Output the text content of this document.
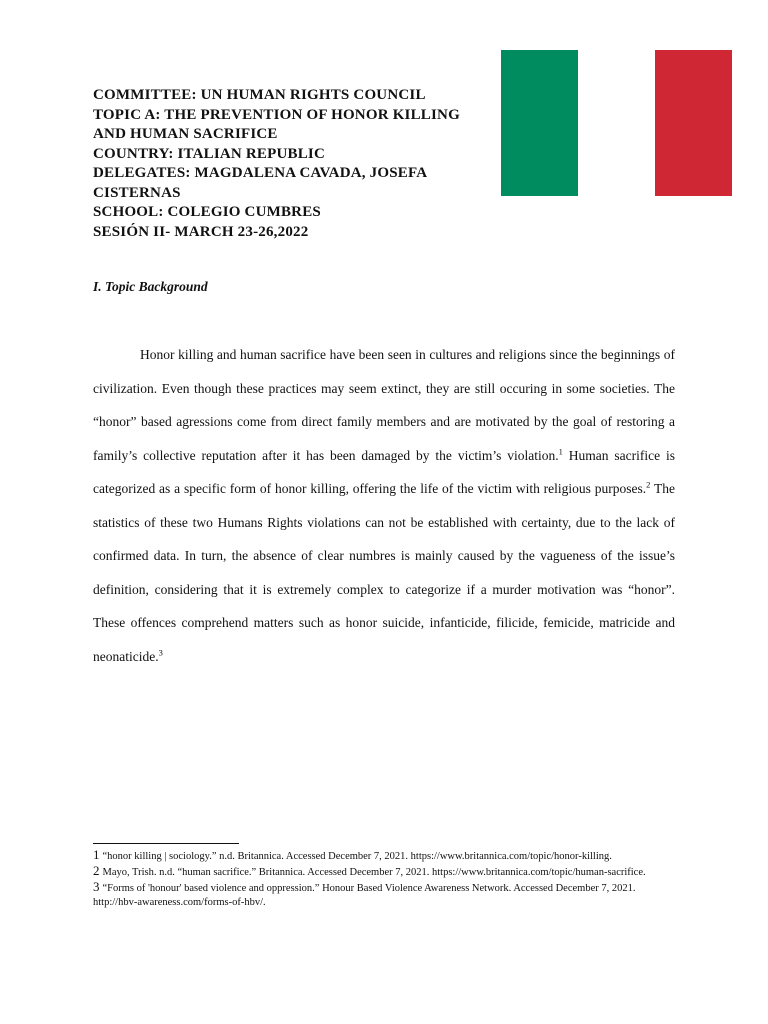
COMMITTEE: UN HUMAN RIGHTS COUNCIL
TOPIC A: THE PREVENTION OF HONOR KILLING AND HUMAN SACRIFICE
COUNTRY: ITALIAN REPUBLIC
DELEGATES: MAGDALENA CAVADA, JOSEFA CISTERNAS
SCHOOL: COLEGIO CUMBRES
SESIÓN II- MARCH 23-26,2022
I. Topic Background

Honor killing and human sacrifice have been seen in cultures and religions since the beginnings of civilization. Even though these practices may seem extinct, they are still occuring in some societies. The “honor” based agressions come from direct family members and are motivated by the goal of restoring a family’s collective reputation after it has been damaged by the victim’s violation.$^1$ Human sacrifice is categorized as a specific form of honor killing, offering the life of the victim with religious purposes.$^2$ The statistics of these two Humans Rights violations can not be established with certainty, due to the lack of confirmed data. In turn, the absence of clear numbres is mainly caused by the vagueness of the issue’s definition, considering that it is extremely complex to categorize if a murder motivation was “honor”. These offences comprehend matters such as honor suicide, infanticide, filicide, femicide, matricide and neonaticide.$^3$

1 “honor killing | sociology.” n.d. Britannica. Accessed December 7, 2021. https://www.britannica.com/topic/honor-killing.
2 Mayo, Trish. n.d. “human sacrifice.” Britannica. Accessed December 7, 2021. https://www.britannica.com/topic/human-sacrifice.
3 “Forms of 'honour' based violence and oppression.” Honour Based Violence Awareness Network. Accessed December 7, 2021. http://hbv-awareness.com/forms-of-hbv/.
